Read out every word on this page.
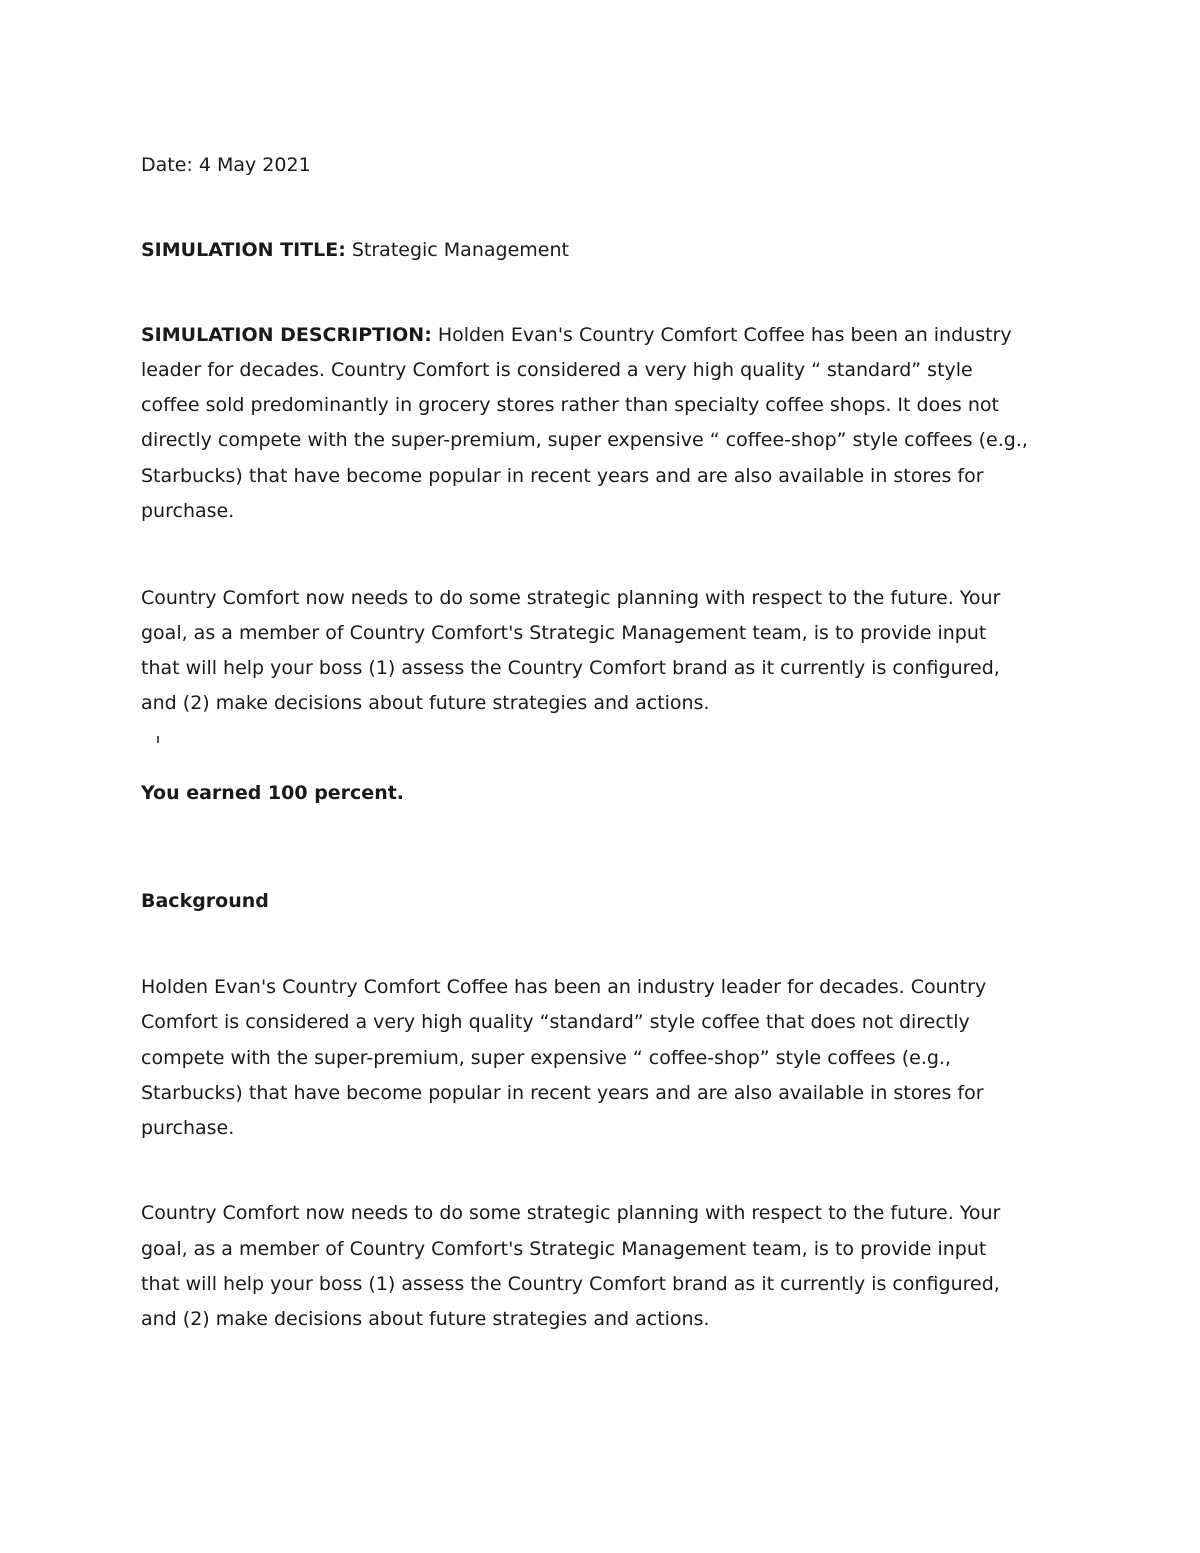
Date: 4 May 2021
SIMULATION TITLE: Strategic Management
SIMULATION DESCRIPTION: Holden Evan's Country Comfort Coffee has been an industry
leader for decades. Country Comfort is considered a very high quality “ standard” style
coffee sold predominantly in grocery stores rather than specialty coffee shops. It does not
directly compete with the super-premium, super expensive “ coffee-shop” style coffees (e.g.,
Starbucks) that have become popular in recent years and are also available in stores for
purchase.
Country Comfort now needs to do some strategic planning with respect to the future. Your
goal, as a member of Country Comfort's Strategic Management team, is to provide input
that will help your boss (1) assess the Country Comfort brand as it currently is configured,
and (2) make decisions about future strategies and actions.
You earned 100 percent.
Background
Holden Evan's Country Comfort Coffee has been an industry leader for decades. Country
Comfort is considered a very high quality “standard” style coffee that does not directly
compete with the super-premium, super expensive “ coffee-shop” style coffees (e.g.,
Starbucks) that have become popular in recent years and are also available in stores for
purchase.
Country Comfort now needs to do some strategic planning with respect to the future. Your
goal, as a member of Country Comfort's Strategic Management team, is to provide input
that will help your boss (1) assess the Country Comfort brand as it currently is configured,
and (2) make decisions about future strategies and actions.
